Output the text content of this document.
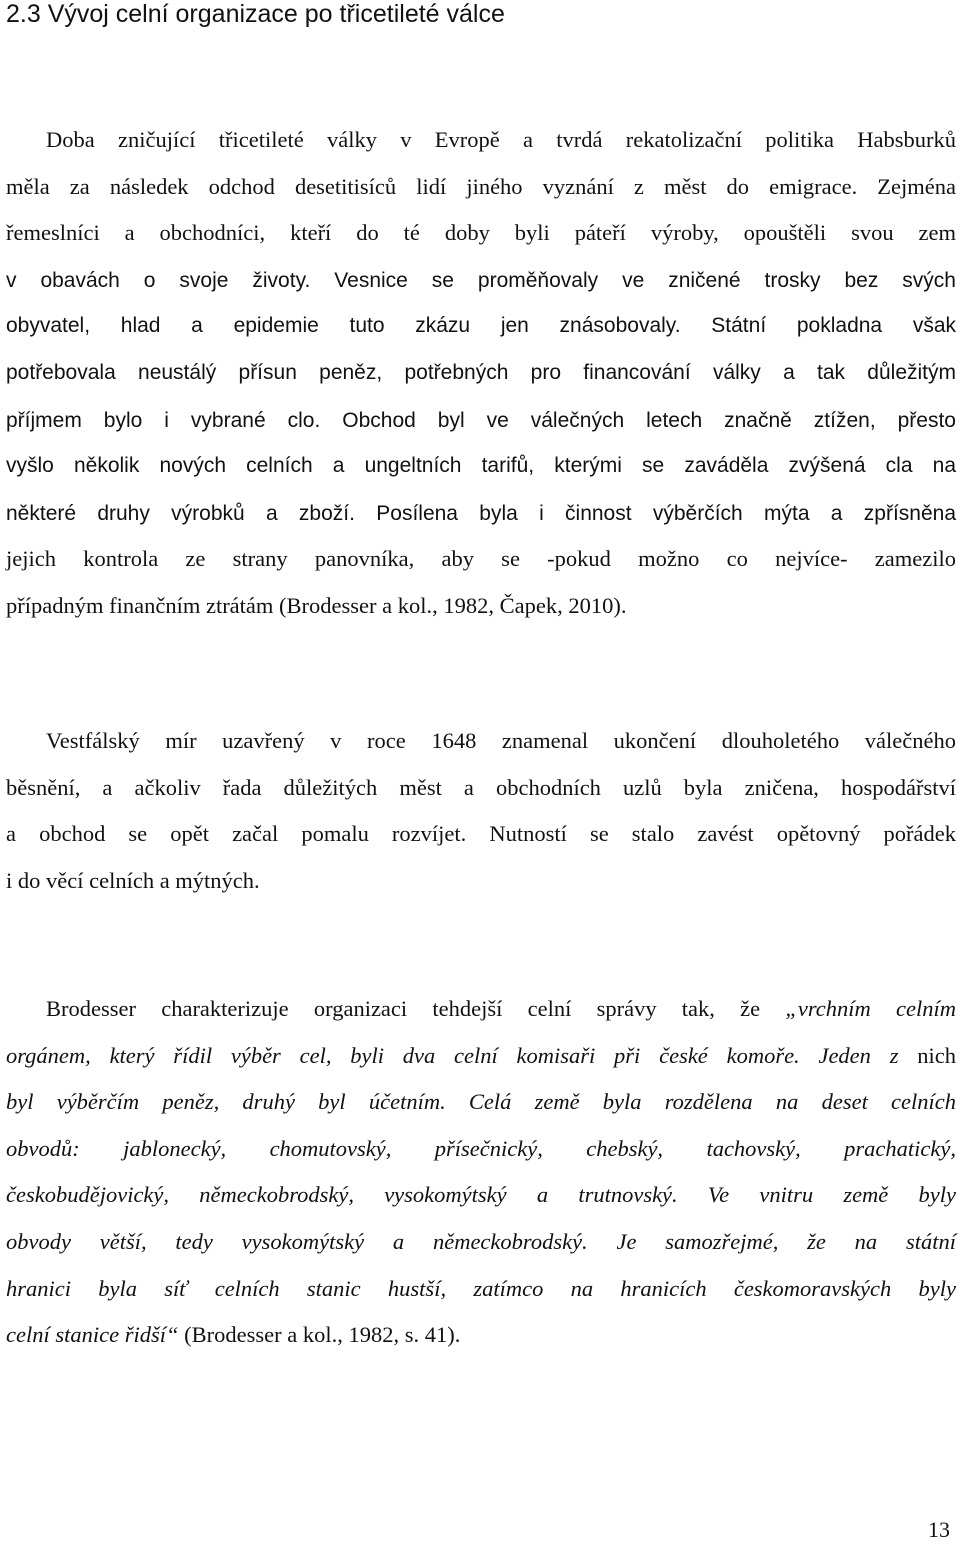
2.3 Vývoj celní organizace po třicetileté válce
Doba zničující třicetileté války v Evropě a tvrdá rekatolizační politika Habsburků
měla za následek odchod desetitisíců lidí jiného vyznání z měst do emigrace. Zejména
řemeslníci a obchodníci, kteří do té doby byli páteří výroby, opouštěli svou zem
v obavách o svoje životy. Vesnice se proměňovaly ve zničené trosky bez svých
obyvatel, hlad a epidemie tuto zkázu jen znásobovaly. Státní pokladna však
potřebovala neustálý přísun peněz, potřebných pro financování války a tak důležitým
příjmem bylo i vybrané clo. Obchod byl ve válečných letech značně ztížen, přesto
vyšlo několik nových celních a ungeltních tarifů, kterými se zaváděla zvýšená cla na
některé druhy výrobků a zboží. Posílena byla i činnost výběrčích mýta a zpřísněna
jejich kontrola ze strany panovníka, aby se -pokud možno co nejvíce- zamezilo
případným finančním ztrátám (Brodesser a kol., 1982, Čapek, 2010).
Vestfálský mír uzavřený v roce 1648 znamenal ukončení dlouholetého válečného
běsnění, a ačkoliv řada důležitých měst a obchodních uzlů byla zničena, hospodářství
a obchod se opět začal pomalu rozvíjet. Nutností se stalo zavést opětovný pořádek
i do věcí celních a mýtných.
Brodesser charakterizuje organizaci tehdejší celní správy tak, že „vrchním celním
orgánem, který řídil výběr cel, byli dva celní komisaři při české komoře. Jeden z nich
byl výběrčím peněz, druhý byl účetním. Celá země byla rozdělena na deset celních
obvodů: jablonecký, chomutovský, přísečnický, chebský, tachovský, prachatický,
českobudějovický, německobrodský, vysokomýtský a trutnovský. Ve vnitru země byly
obvody větší, tedy vysokomýtský a německobrodský. Je samozřejmé, že na státní
hranici byla síť celních stanic hustší, zatímco na hranicích českomoravských byly
celní stanice řidší“ (Brodesser a kol., 1982, s. 41).
13
